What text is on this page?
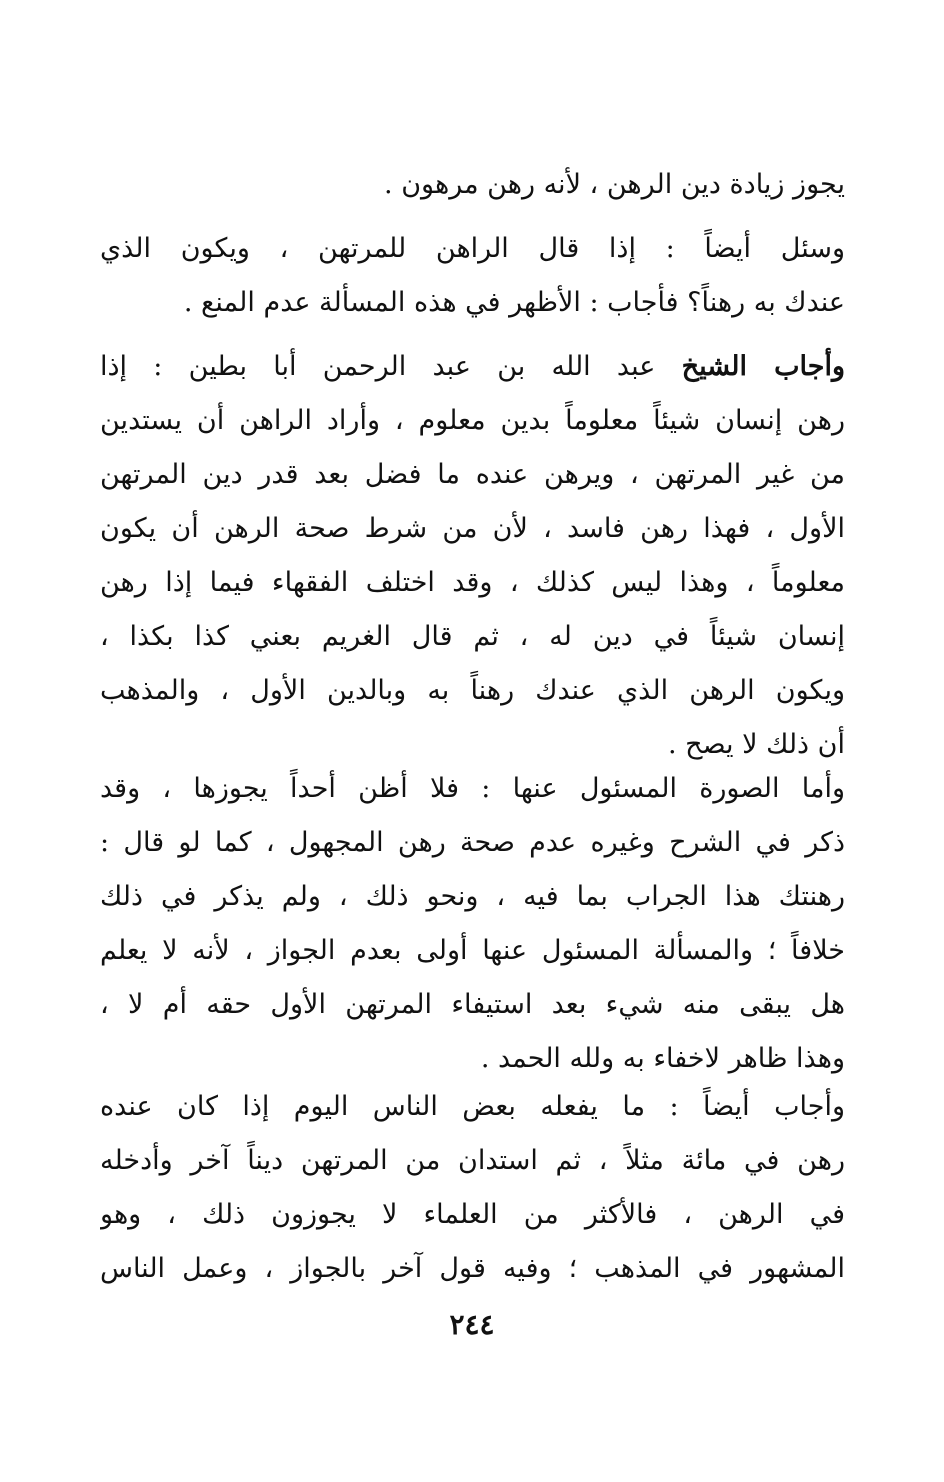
يجوز زيادة دين الرهن ، لأنه رهن مرهون .
وسئل أيضاً : إذا قال الراهن للمرتهن ، ويكون الذي
عندك به رهناً؟ فأجاب : الأظهر في هذه المسألة عدم المنع .
وأجاب الشيخ عبد الله بن عبد الرحمن أبا بطين : إذا
رهن إنسان شيئاً معلوماً بدين معلوم ، وأراد الراهن أن يستدين
من غير المرتهن ، ويرهن عنده ما فضل بعد قدر دين المرتهن
الأول ، فهذا رهن فاسد ، لأن من شرط صحة الرهن أن يكون
معلوماً ، وهذا ليس كذلك ، وقد اختلف الفقهاء فيما إذا رهن
إنسان شيئاً في دين له ، ثم قال الغريم بعني كذا بكذا ،
ويكون الرهن الذي عندك رهناً به وبالدين الأول ، والمذهب
أن ذلك لا يصح .
وأما الصورة المسئول عنها : فلا أظن أحداً يجوزها ، وقد
ذكر في الشرح وغيره عدم صحة رهن المجهول ، كما لو قال :
رهنتك هذا الجراب بما فيه ، ونحو ذلك ، ولم يذكر في ذلك
خلافاً ؛ والمسألة المسئول عنها أولى بعدم الجواز ، لأنه لا يعلم
هل يبقى منه شيء بعد استيفاء المرتهن الأول حقه أم لا ،
وهذا ظاهر لاخفاء به ولله الحمد .
وأجاب أيضاً : ما يفعله بعض الناس اليوم إذا كان عنده
رهن في مائة مثلاً ، ثم استدان من المرتهن ديناً آخر وأدخله
في الرهن ، فالأكثر من العلماء لا يجوزون ذلك ، وهو
المشهور في المذهب ؛ وفيه قول آخر بالجواز ، وعمل الناس
٢٤٤
